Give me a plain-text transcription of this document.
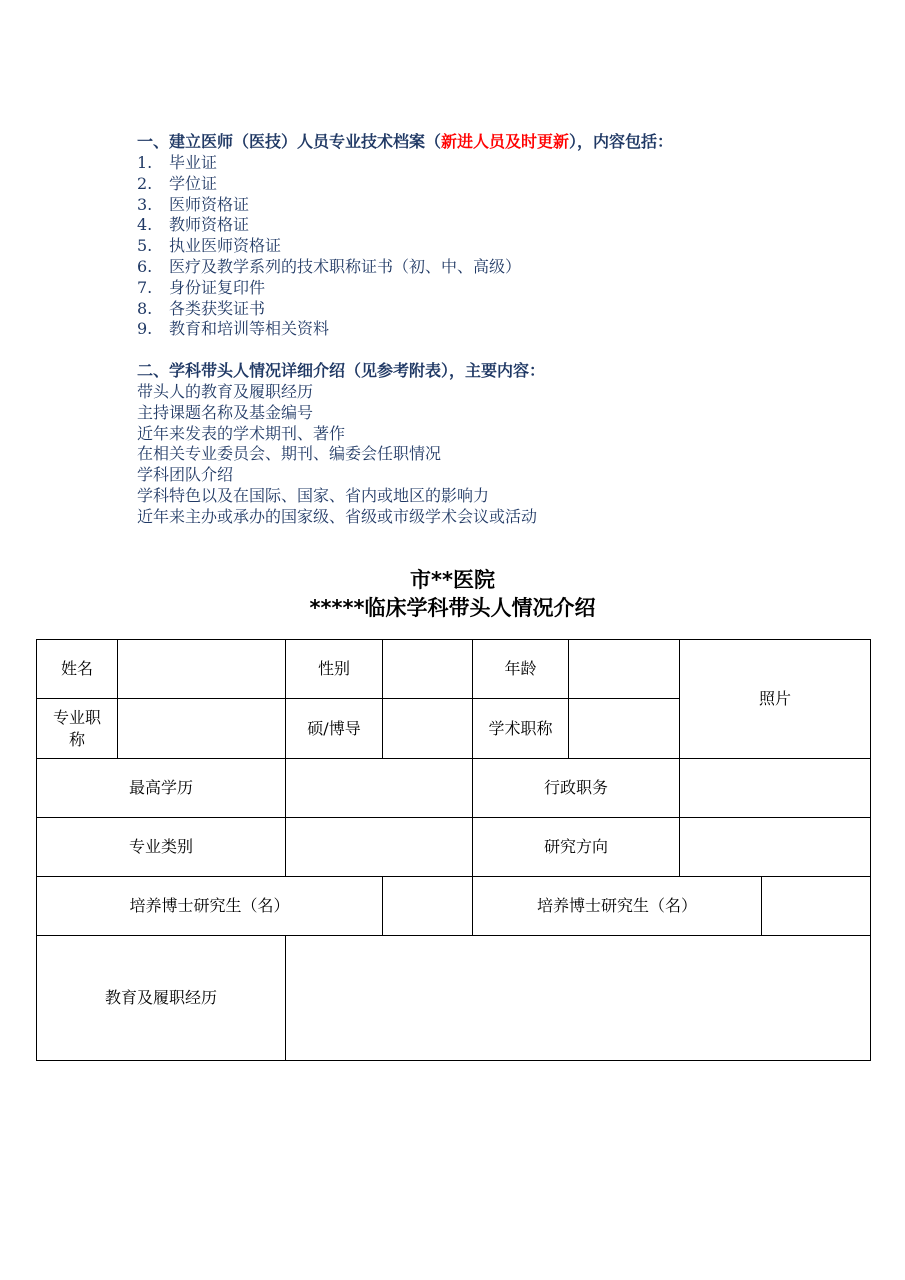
一、建立医师（医技）人员专业技术档案（新进人员及时更新），内容包括：
1. 毕业证
2. 学位证
3. 医师资格证
4. 教师资格证
5. 执业医师资格证
6. 医疗及教学系列的技术职称证书（初、中、高级）
7. 身份证复印件
8. 各类获奖证书
9. 教育和培训等相关资料
二、学科带头人情况详细介绍（见参考附表），主要内容：
带头人的教育及履职经历
主持课题名称及基金编号
近年来发表的学术期刊、著作
在相关专业委员会、期刊、编委会任职情况
学科团队介绍
学科特色以及在国际、国家、省内或地区的影响力
近年来主办或承办的国家级、省级或市级学术会议或活动
市**医院
*****临床学科带头人情况介绍
姓名		性别		年龄		照片	
专业职
称		硕/博导		学术职称			
最高学历				行政职务			
专业类别				研究方向			
培养博士研究生（名）				培养博士研究生（名）			
教育及履职经历							
